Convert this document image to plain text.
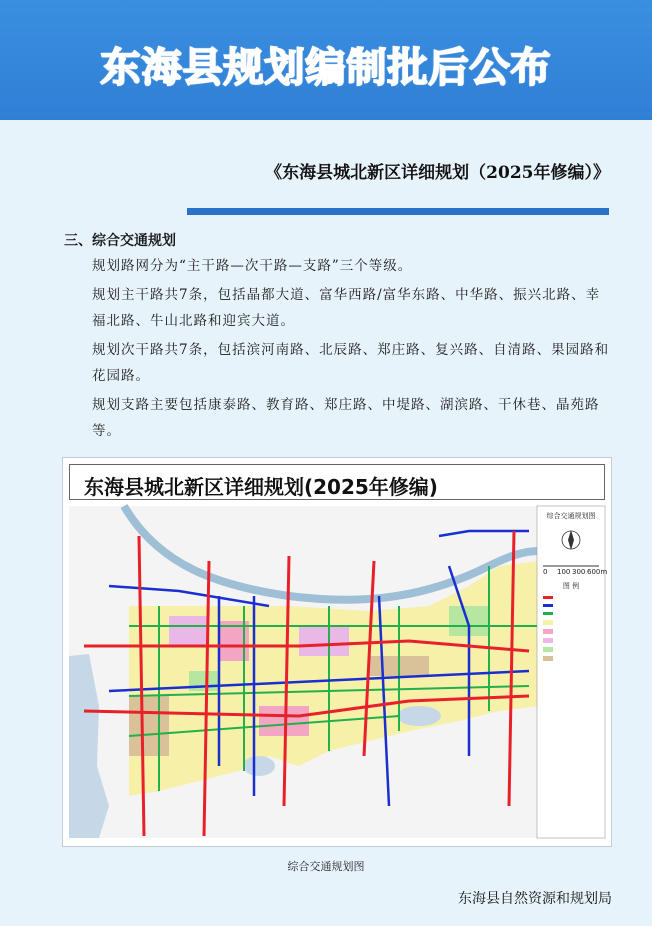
东海县规划编制批后公布
《东海县城北新区详细规划（2025年修编）》
三、综合交通规划
规划路网分为“主干路—次干路—支路”三个等级。
规划主干路共7条，包括晶都大道、富华西路/富华东路、中华路、振兴北路、幸福北路、牛山北路和迎宾大道。
规划次干路共7条，包括滨河南路、北辰路、郑庄路、复兴路、自清路、果园路和花园路。
规划支路主要包括康泰路、教育路、郑庄路、中堤路、湖滨路、干休巷、晶苑路等。
东海县城北新区详细规划(2025年修编)
综合交通规划图
0 100 300 600m
图 例
综合交通规划图
东海县自然资源和规划局
